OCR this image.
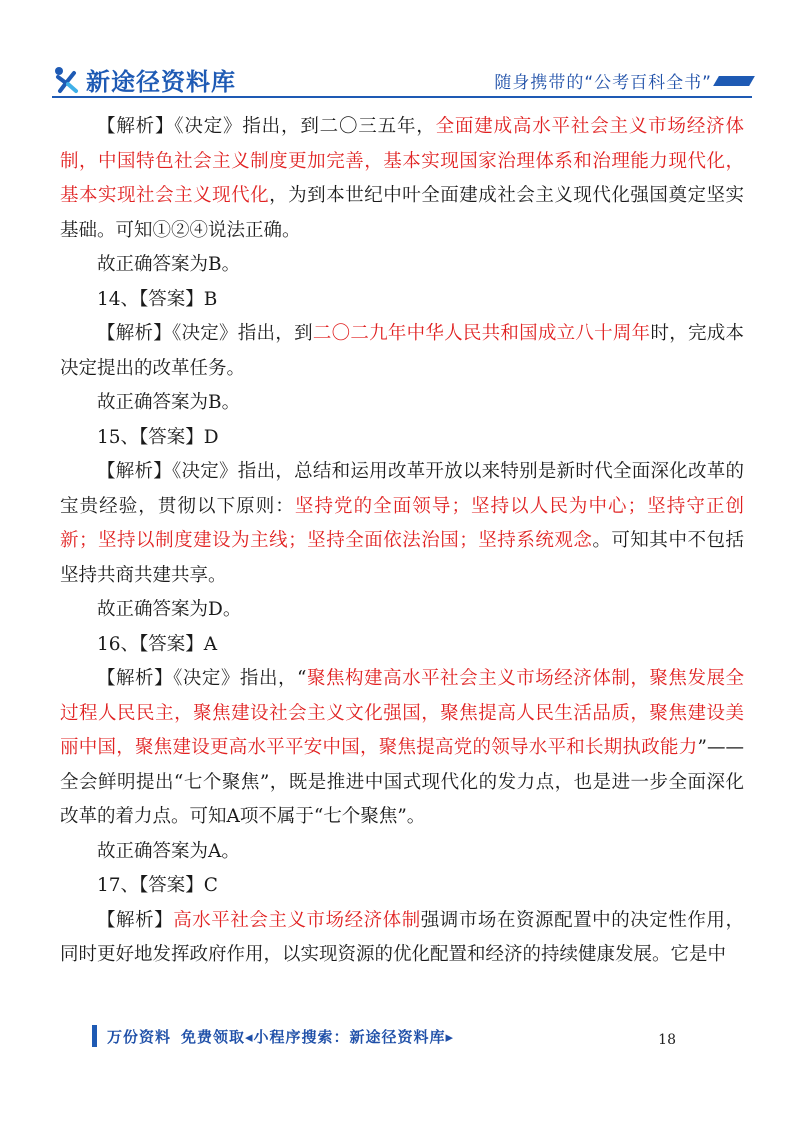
新途径资料库	随身携带的“公考百科全书”

【解析】《决定》指出，到二〇三五年，全面建成高水平社会主义市场经济体制，中国特色社会主义制度更加完善，基本实现国家治理体系和治理能力现代化，基本实现社会主义现代化，为到本世纪中叶全面建成社会主义现代化强国奠定坚实基础。可知①②④说法正确。

故正确答案为B。

14、【答案】B

【解析】《决定》指出，到二〇二九年中华人民共和国成立八十周年时，完成本决定提出的改革任务。

故正确答案为B。

15、【答案】D

【解析】《决定》指出，总结和运用改革开放以来特别是新时代全面深化改革的宝贵经验，贯彻以下原则：坚持党的全面领导；坚持以人民为中心；坚持守正创新；坚持以制度建设为主线；坚持全面依法治国；坚持系统观念。可知其中不包括坚持共商共建共享。

故正确答案为D。

16、【答案】A

【解析】《决定》指出，“聚焦构建高水平社会主义市场经济体制，聚焦发展全过程人民民主，聚焦建设社会主义文化强国，聚焦提高人民生活品质，聚焦建设美丽中国，聚焦建设更高水平平安中国，聚焦提高党的领导水平和长期执政能力”——全会鲜明提出“七个聚焦”，既是推进中国式现代化的发力点，也是进一步全面深化改革的着力点。可知A项不属于“七个聚焦”。

故正确答案为A。

17、【答案】C

【解析】高水平社会主义市场经济体制强调市场在资源配置中的决定性作用，同时更好地发挥政府作用，以实现资源的优化配置和经济的持续健康发展。它是中

万份资料 免费领取◂小程序搜索：新途径资料库▸	18
